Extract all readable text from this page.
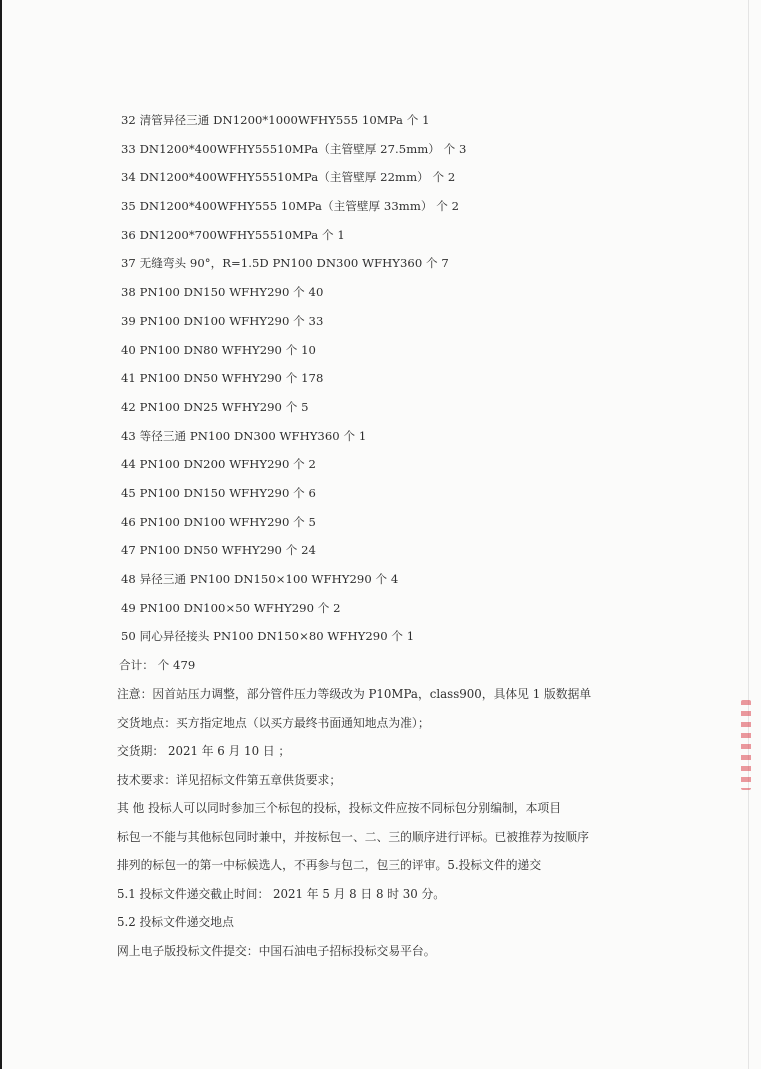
32 清管异径三通 DN1200*1000WFHY555 10MPa 个 1
33 DN1200*400WFHY55510MPa（主管壁厚 27.5mm） 个 3
34 DN1200*400WFHY55510MPa（主管壁厚 22mm） 个 2
35 DN1200*400WFHY555 10MPa（主管壁厚 33mm） 个 2
36 DN1200*700WFHY55510MPa 个 1
37 无缝弯头 90°，R=1.5D PN100 DN300 WFHY360 个 7
38 PN100 DN150 WFHY290 个 40
39 PN100 DN100 WFHY290 个 33
40 PN100 DN80 WFHY290 个 10
41 PN100 DN50 WFHY290 个 178
42 PN100 DN25 WFHY290 个 5
43 等径三通 PN100 DN300 WFHY360 个 1
44 PN100 DN200 WFHY290 个 2
45 PN100 DN150 WFHY290 个 6
46 PN100 DN100 WFHY290 个 5
47 PN100 DN50 WFHY290 个 24
48 异径三通 PN100 DN150×100 WFHY290 个 4
49 PN100 DN100×50 WFHY290 个 2
50 同心异径接头 PN100 DN150×80 WFHY290 个 1
合计： 个 479

注意：因首站压力调整，部分管件压力等级改为 P10MPa，class900，具体见 1 版数据单

交货地点：买方指定地点（以买方最终书面通知地点为准）；

交货期： 2021 年 6 月 10 日 ；

技术要求：详见招标文件第五章供货要求；

其 他 投标人可以同时参加三个标包的投标，投标文件应按不同标包分别编制，本项目

标包一不能与其他标包同时兼中，并按标包一、二、三的顺序进行评标。已被推荐为按顺序

排列的标包一的第一中标候选人，不再参与包二，包三的评审。5.投标文件的递交

5.1 投标文件递交截止时间： 2021 年 5 月 8 日 8 时 30 分。

5.2 投标文件递交地点

网上电子版投标文件提交：中国石油电子招标投标交易平台。
